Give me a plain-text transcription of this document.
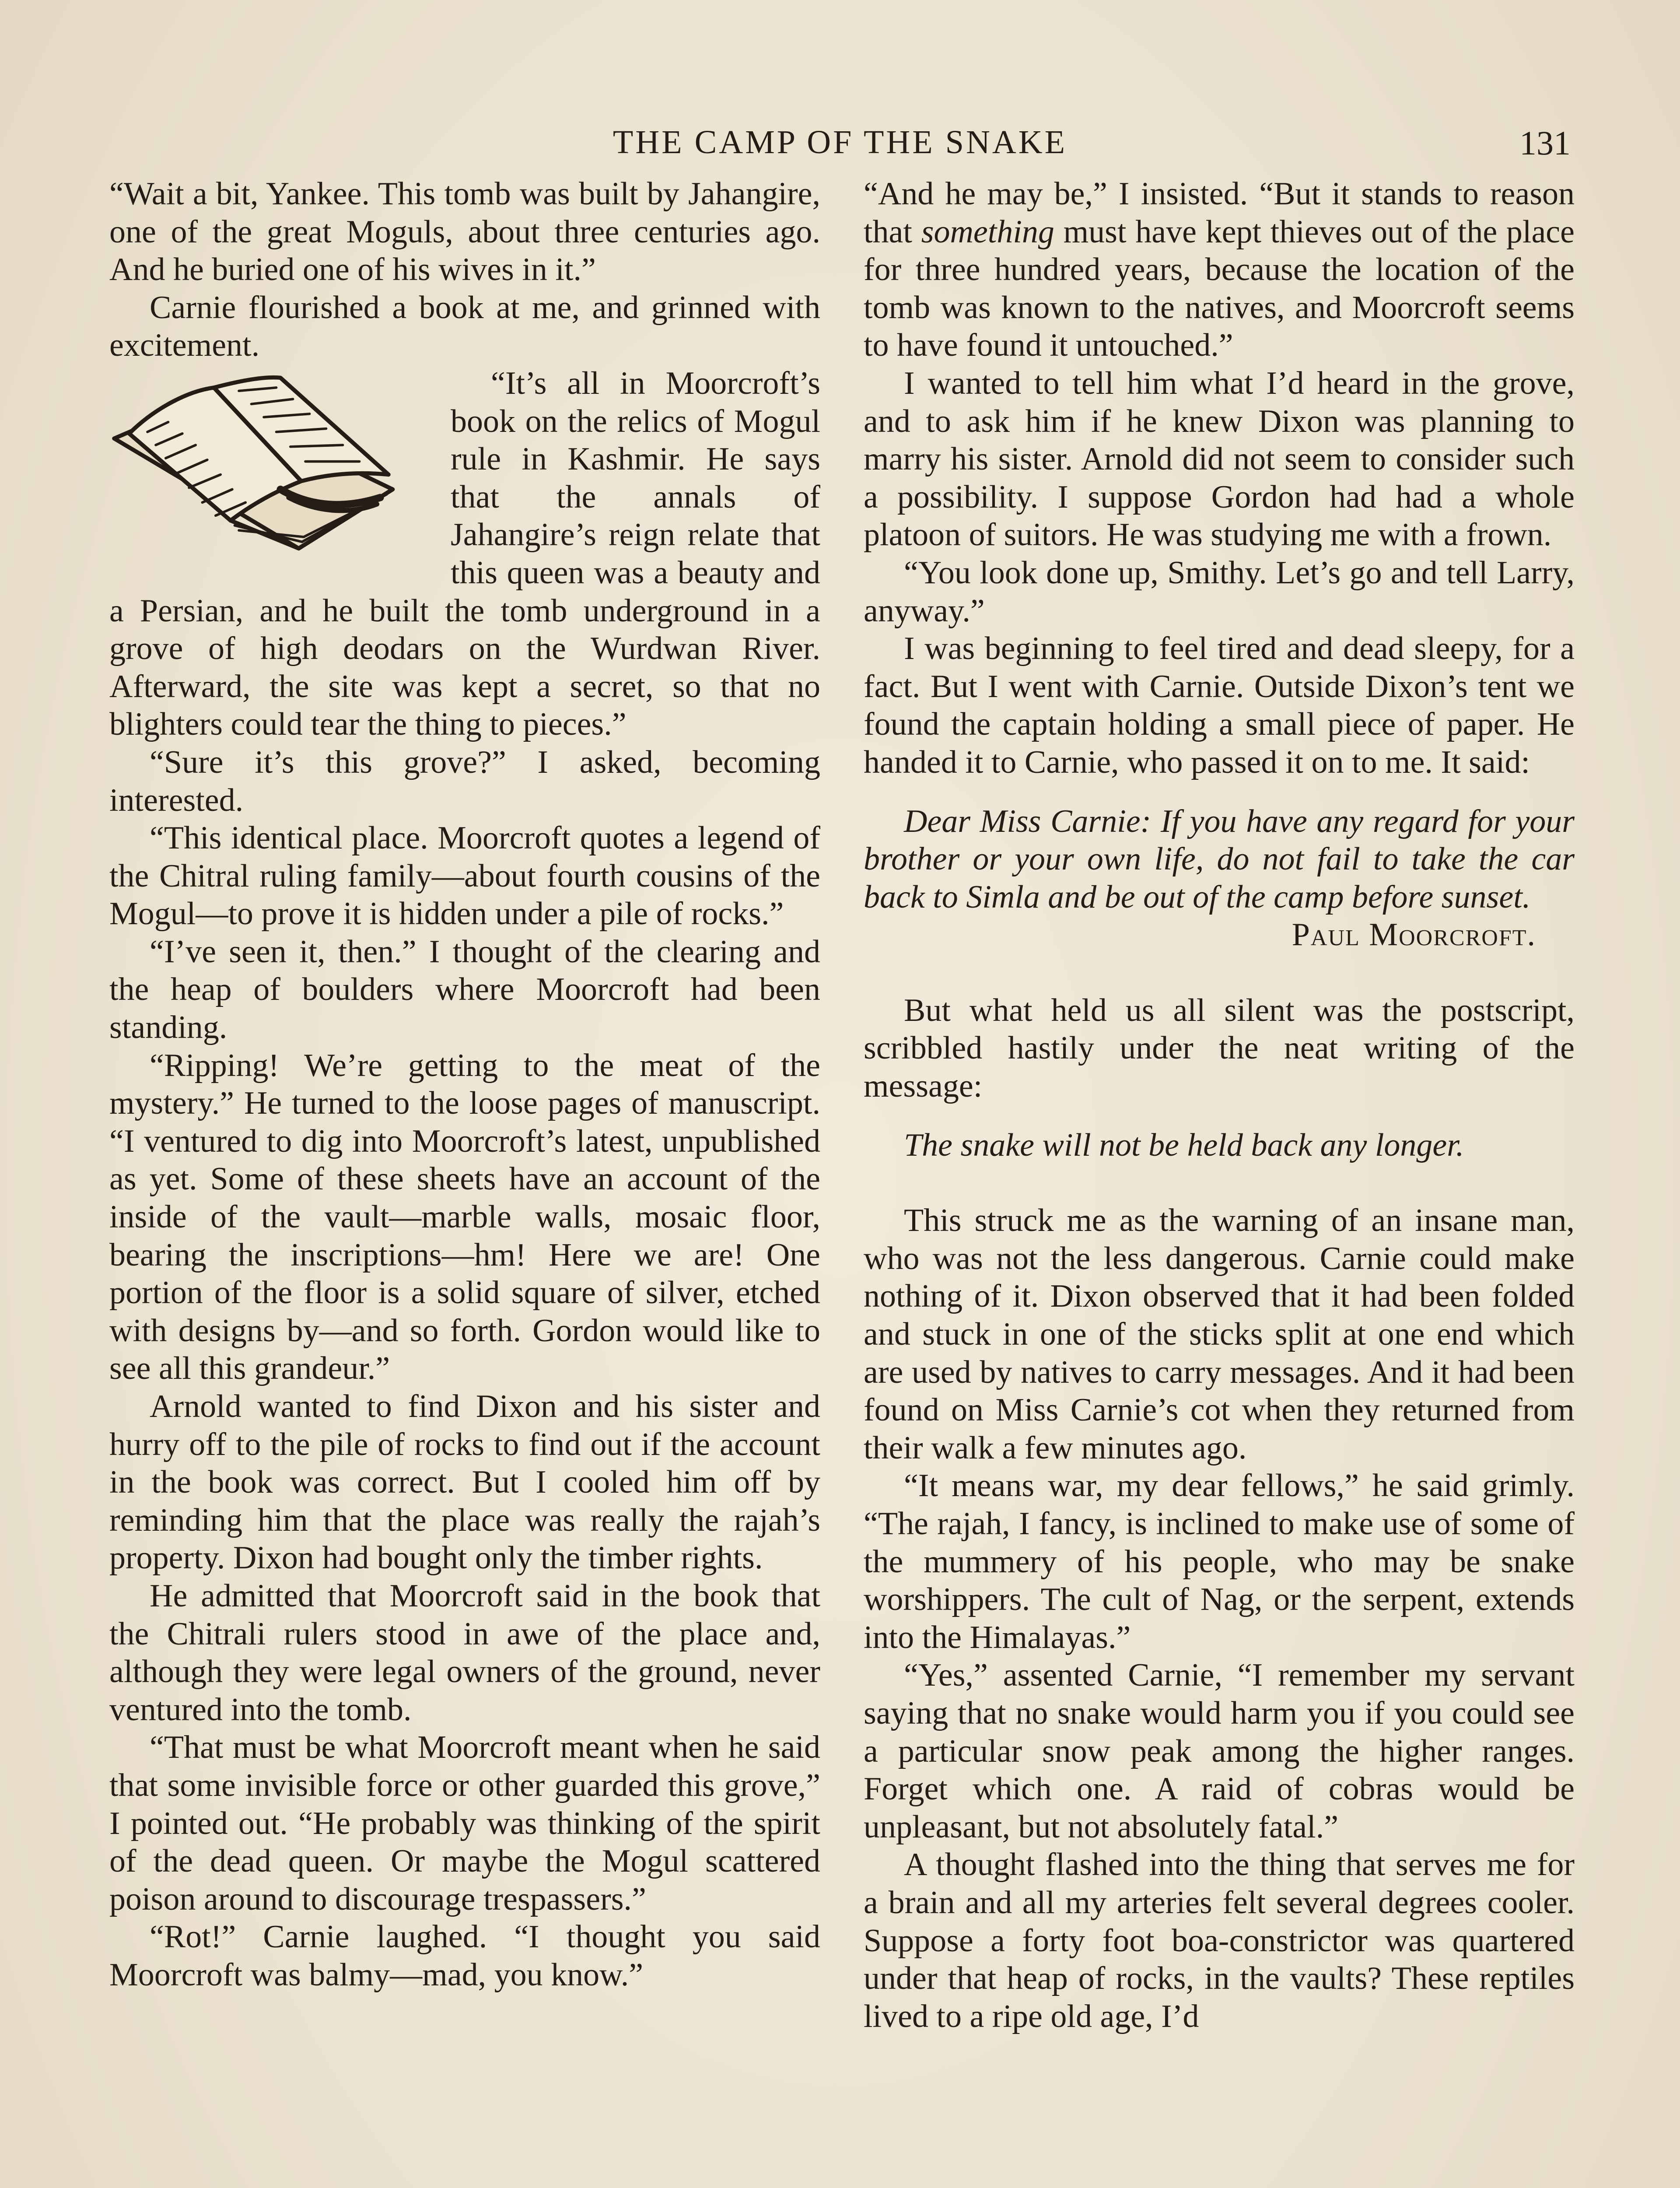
THE CAMP OF THE SNAKE	131

“Wait a bit, Yankee. This tomb was built by Jahangire, one of the great Moguls, about three centuries ago. And he buried one of his wives in it.”

Carnie flourished a book at me, and grinned with excitement.

“It’s all in Moorcroft’s book on the relics of Mogul rule in Kashmir. He says that the annals of Jahangire’s reign relate that this queen was a beauty and a Persian, and he built the tomb underground in a grove of high deodars on the Wurdwan River. Afterward, the site was kept a secret, so that no blighters could tear the thing to pieces.”

“Sure it’s this grove?” I asked, becoming interested.

“This identical place. Moorcroft quotes a legend of the Chitral ruling family—about fourth cousins of the Mogul—to prove it is hidden under a pile of rocks.”

“I’ve seen it, then.” I thought of the clearing and the heap of boulders where Moorcroft had been standing.

“Ripping! We’re getting to the meat of the mystery.” He turned to the loose pages of manuscript. “I ventured to dig into Moorcroft’s latest, unpublished as yet. Some of these sheets have an account of the inside of the vault—marble walls, mosaic floor, bearing the inscriptions—hm! Here we are! One portion of the floor is a solid square of silver, etched with designs by—and so forth. Gordon would like to see all this grandeur.”

Arnold wanted to find Dixon and his sister and hurry off to the pile of rocks to find out if the account in the book was correct. But I cooled him off by reminding him that the place was really the rajah’s property. Dixon had bought only the timber rights.

He admitted that Moorcroft said in the book that the Chitrali rulers stood in awe of the place and, although they were legal owners of the ground, never ventured into the tomb.

“That must be what Moorcroft meant when he said that some invisible force or other guarded this grove,” I pointed out. “He probably was thinking of the spirit of the dead queen. Or maybe the Mogul scattered poison around to discourage trespassers.”

“Rot!” Carnie laughed. “I thought you said Moorcroft was balmy—mad, you know.”

“And he may be,” I insisted. “But it stands to reason that something must have kept thieves out of the place for three hundred years, because the location of the tomb was known to the natives, and Moorcroft seems to have found it untouched.”

I wanted to tell him what I’d heard in the grove, and to ask him if he knew Dixon was planning to marry his sister. Arnold did not seem to consider such a possibility. I suppose Gordon had had a whole platoon of suitors. He was studying me with a frown.

“You look done up, Smithy. Let’s go and tell Larry, anyway.”

I was beginning to feel tired and dead sleepy, for a fact. But I went with Carnie. Outside Dixon’s tent we found the captain holding a small piece of paper. He handed it to Carnie, who passed it on to me. It said:

Dear Miss Carnie: If you have any regard for your brother or your own life, do not fail to take the car back to Simla and be out of the camp before sunset.

Paul Moorcroft.

But what held us all silent was the postscript, scribbled hastily under the neat writing of the message:

The snake will not be held back any longer.

This struck me as the warning of an insane man, who was not the less dangerous. Carnie could make nothing of it. Dixon observed that it had been folded and stuck in one of the sticks split at one end which are used by natives to carry messages. And it had been found on Miss Carnie’s cot when they returned from their walk a few minutes ago.

“It means war, my dear fellows,” he said grimly. “The rajah, I fancy, is inclined to make use of some of the mummery of his people, who may be snake worshippers. The cult of Nag, or the serpent, extends into the Himalayas.”

“Yes,” assented Carnie, “I remember my servant saying that no snake would harm you if you could see a particular snow peak among the higher ranges. Forget which one. A raid of cobras would be unpleasant, but not absolutely fatal.”

A thought flashed into the thing that serves me for a brain and all my arteries felt several degrees cooler. Suppose a forty foot boa-constrictor was quartered under that heap of rocks, in the vaults? These reptiles lived to a ripe old age, I’d
